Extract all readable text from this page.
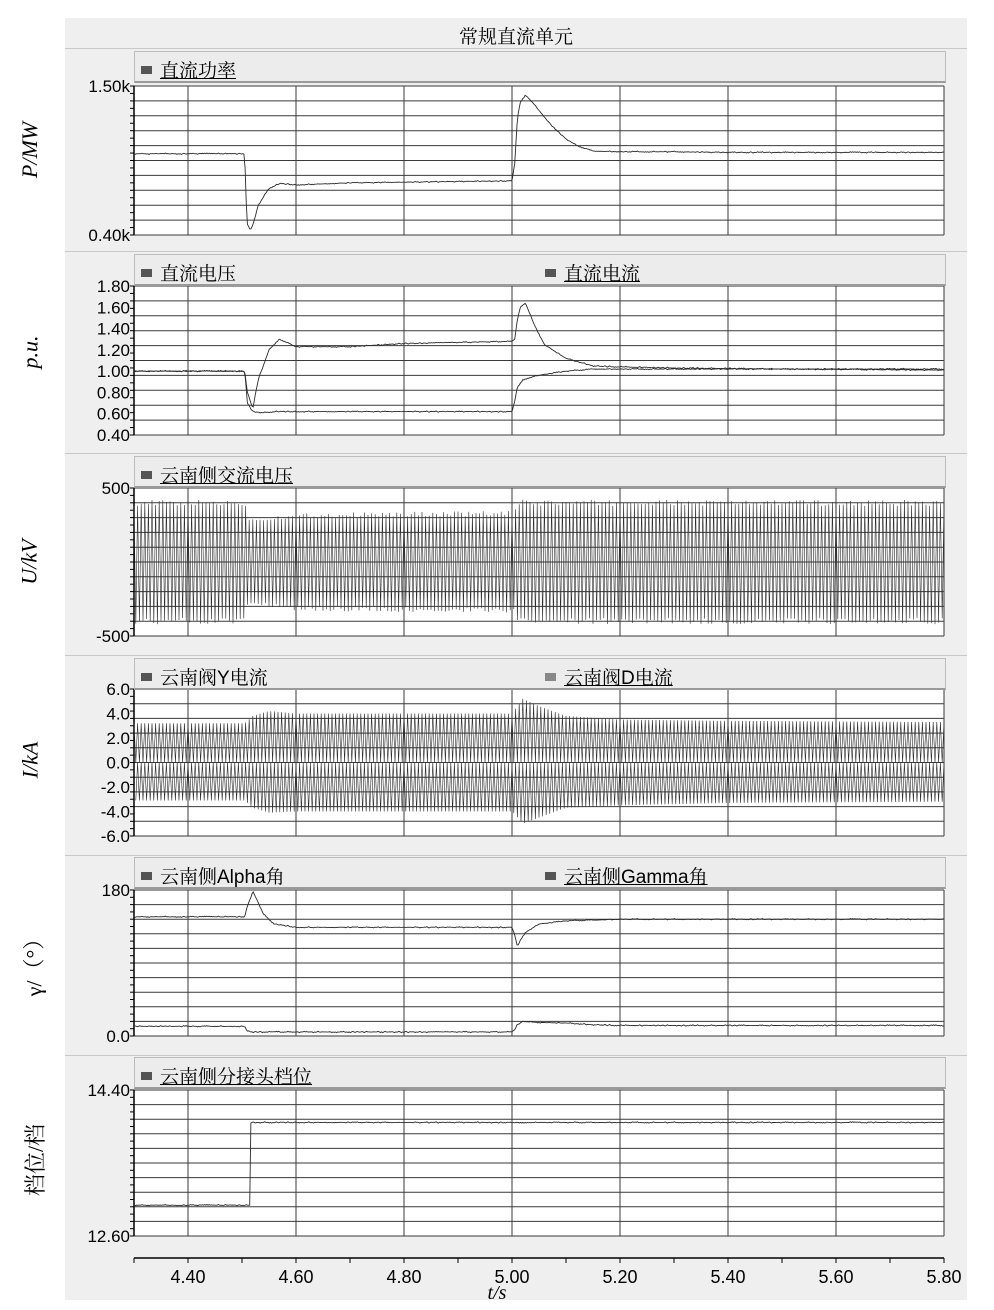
常规直流单元
P/MW
p.u.
U/kV
I/kA
γ/（°）
档位/档
1.50k
0.40k
1.80
1.60
1.40
1.20
1.00
0.80
0.60
0.40
500
-500
6.0
4.0
2.0
0.0
-2.0
-4.0
-6.0
180
0.0
14.40
12.60
4.40	4.60	4.80	5.00	5.20	5.40	5.60	5.80
直流功率
直流电压	直流电流
云南侧交流电压
云南阀Y电流	云南阀D电流
云南侧Alpha角	云南侧Gamma角
云南侧分接头档位
t/s
